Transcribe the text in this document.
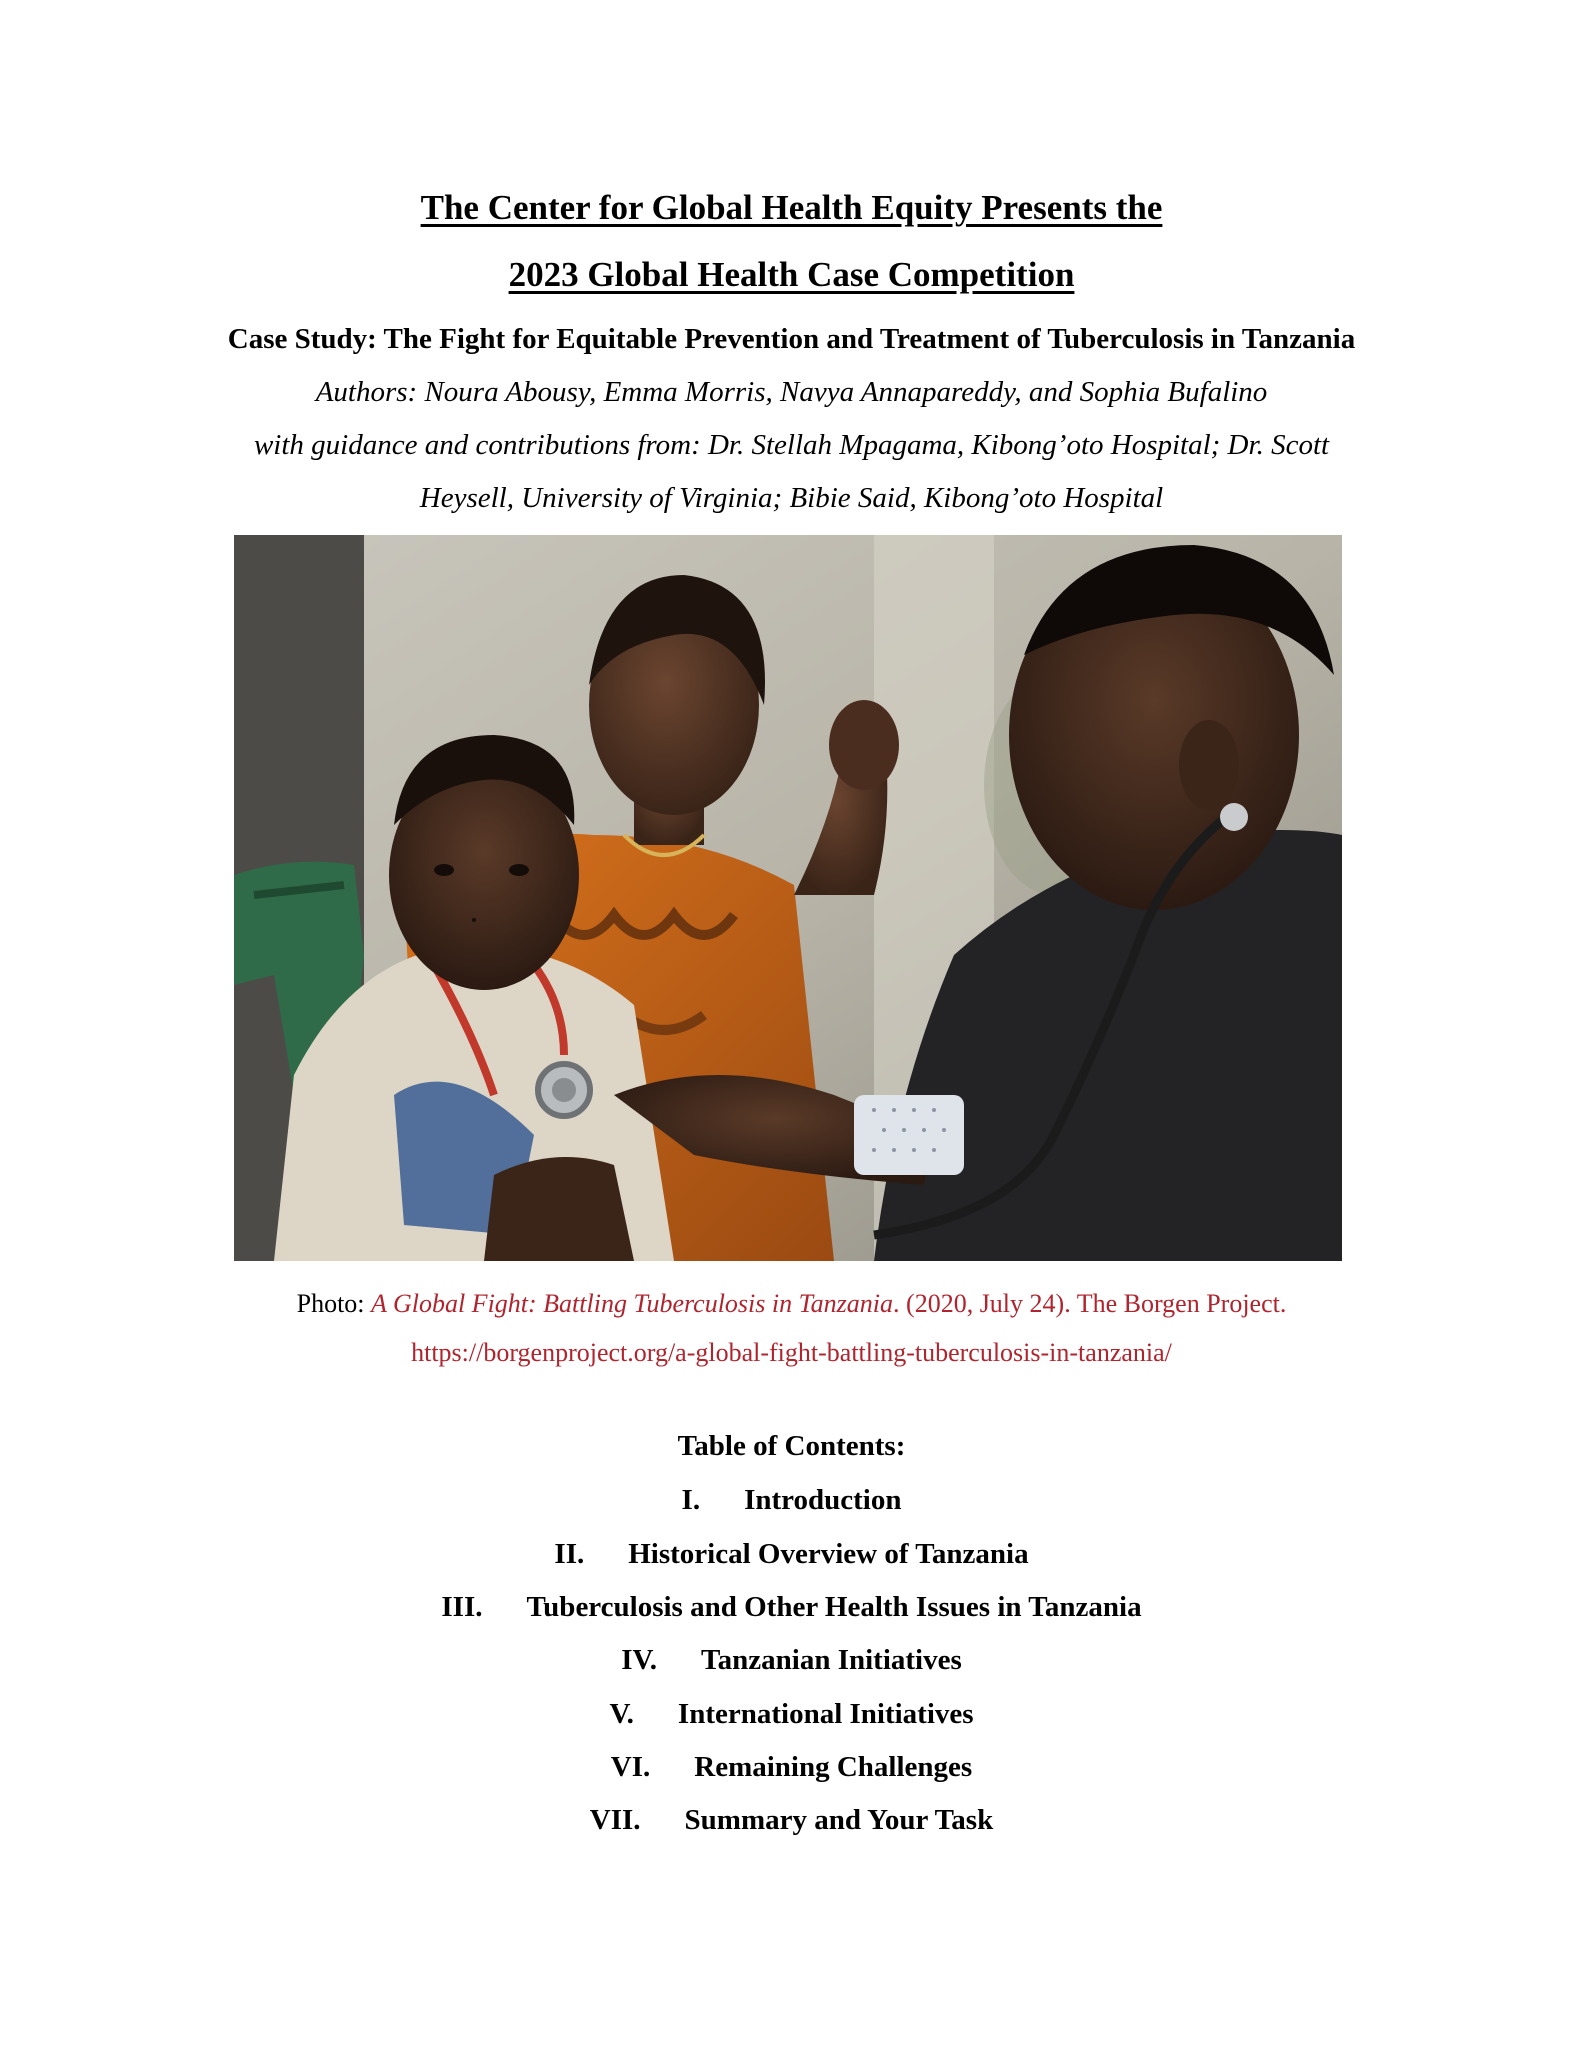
The Center for Global Health Equity Presents the
2023 Global Health Case Competition
Case Study: The Fight for Equitable Prevention and Treatment of Tuberculosis in Tanzania
Authors: Noura Abousy, Emma Morris, Navya Annapareddy, and Sophia Bufalino
with guidance and contributions from: Dr. Stellah Mpagama, Kibong’oto Hospital; Dr. Scott
Heysell, University of Virginia; Bibie Said, Kibong’oto Hospital
Photo: A Global Fight: Battling Tuberculosis in Tanzania. (2020, July 24). The Borgen Project.
https://borgenproject.org/a-global-fight-battling-tuberculosis-in-tanzania/
Table of Contents:
I. Introduction
II. Historical Overview of Tanzania
III. Tuberculosis and Other Health Issues in Tanzania
IV. Tanzanian Initiatives
V. International Initiatives
VI. Remaining Challenges
VII. Summary and Your Task
